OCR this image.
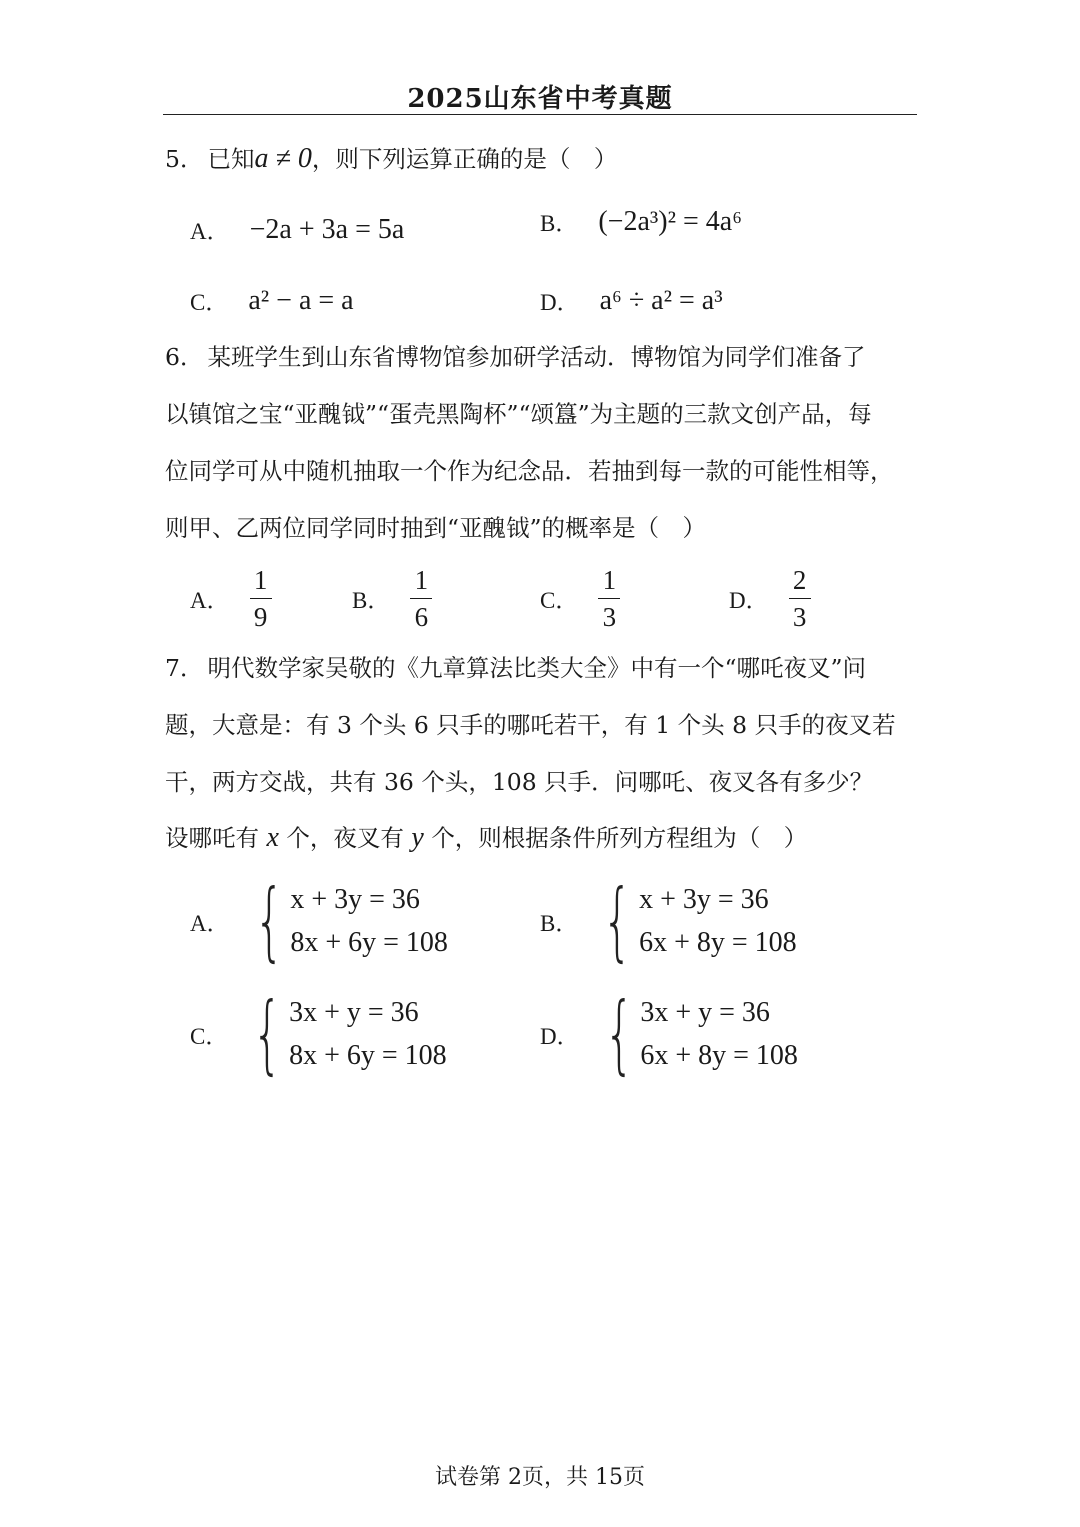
2025山东省中考真题
5． 已知a ≠ 0，则下列运算正确的是（　）
A． −2a + 3a = 5a	B． (−2a³)² = 4a⁶
C． a² − a = a	D． a⁶ ÷ a² = a³
6． 某班学生到山东省博物馆参加研学活动．博物馆为同学们准备了
以镇馆之宝“亚醜钺”“蛋壳黑陶杯”“颂簋”为主题的三款文创产品，每
位同学可从中随机抽取一个作为纪念品．若抽到每一款的可能性相等，
则甲、乙两位同学同时抽到“亚醜钺”的概率是（　）
A． $\frac{1}{9}$	B． $\frac{1}{6}$	C． $\frac{1}{3}$	D． $\frac{2}{3}$
7． 明代数学家吴敬的《九章算法比类大全》中有一个“哪吒夜叉”问
题，大意是：有 3 个头 6 只手的哪吒若干，有 1 个头 8 只手的夜叉若
干，两方交战，共有 36 个头，108 只手．问哪吒、夜叉各有多少？
设哪吒有 x 个，夜叉有 y 个，则根据条件所列方程组为（　）
A． { x + 3y = 36
8x + 6y = 108
B． { x + 3y = 36
6x + 8y = 108
C． { 3x + y = 36
8x + 6y = 108
D． { 3x + y = 36
6x + 8y = 108
试卷第 2页，共 15页
